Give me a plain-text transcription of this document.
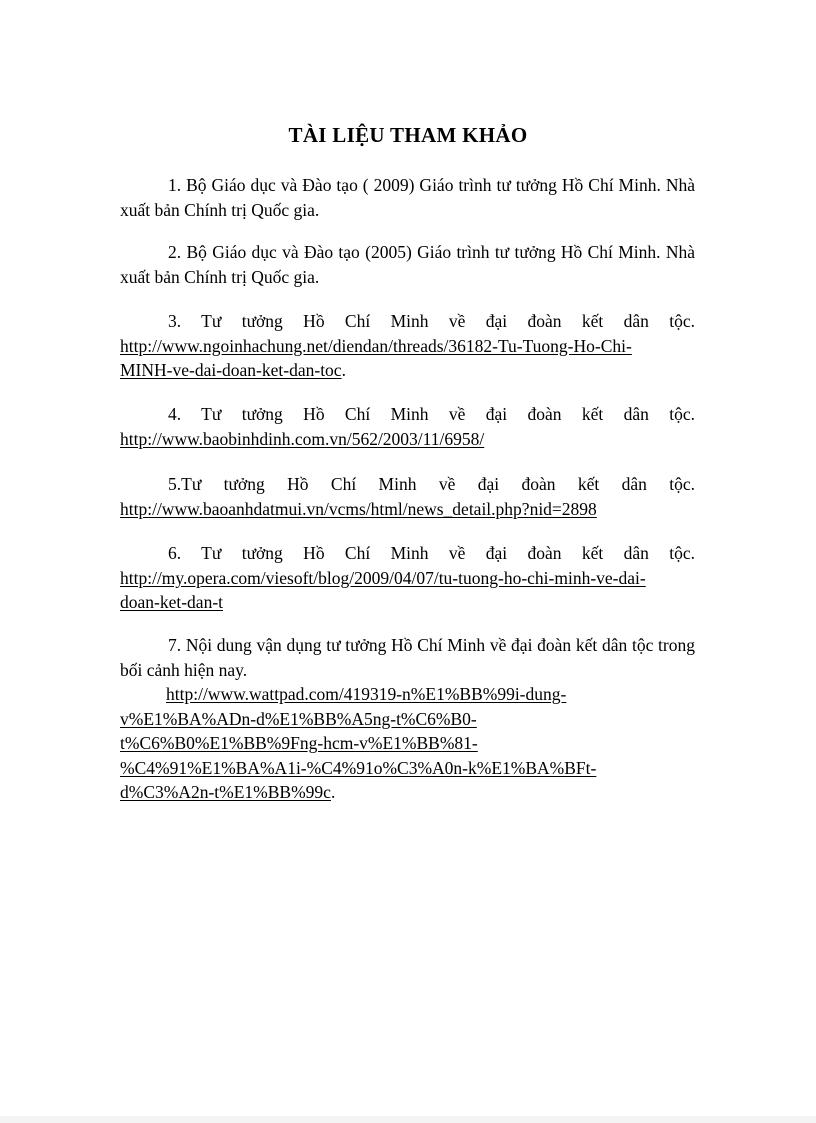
TÀI LIỆU THAM KHẢO

1. Bộ Giáo dục và Đào tạo ( 2009) Giáo trình tư tưởng Hồ Chí Minh. Nhà xuất bản Chính trị Quốc gia.

2. Bộ Giáo dục và Đào tạo (2005) Giáo trình tư tưởng Hồ Chí Minh. Nhà xuất bản Chính trị Quốc gia.

3. Tư tưởng Hồ Chí Minh về đại đoàn kết dân tộc.
http://www.ngoinhachung.net/diendan/threads/36182-Tu-Tuong-Ho-Chi-
MINH-ve-dai-doan-ket-dan-toc.
4. Tư tưởng Hồ Chí Minh về đại đoàn kết dân tộc.
http://www.baobinhdinh.com.vn/562/2003/11/6958/
5.Tư tưởng Hồ Chí Minh về đại đoàn kết dân tộc.
http://www.baoanhdatmui.vn/vcms/html/news_detail.php?nid=2898
6. Tư tưởng Hồ Chí Minh về đại đoàn kết dân tộc.
http://my.opera.com/viesoft/blog/2009/04/07/tu-tuong-ho-chi-minh-ve-dai-
doan-ket-dan-t
7. Nội dung vận dụng tư tưởng Hồ Chí Minh về đại đoàn kết dân tộc trong bối cảnh hiện nay.
http://www.wattpad.com/419319-n%E1%BB%99i-dung-
v%E1%BA%ADn-d%E1%BB%A5ng-t%C6%B0-
t%C6%B0%E1%BB%9Fng-hcm-v%E1%BB%81-
%C4%91%E1%BA%A1i-%C4%91o%C3%A0n-k%E1%BA%BFt-
d%C3%A2n-t%E1%BB%99c.
